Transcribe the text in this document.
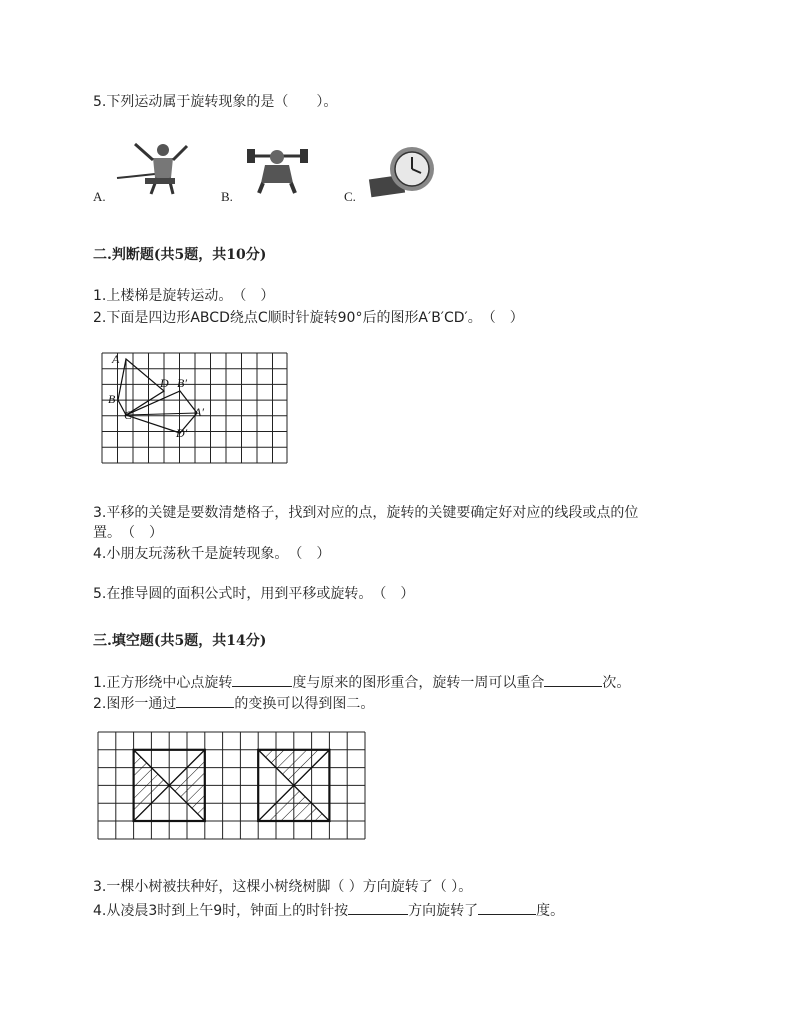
5.下列运动属于旋转现象的是（　　）。
A.	B.	C.
二.判断题(共5题，共10分)
1.上楼梯是旋转运动。　（　）
2.下面是四边形ABCD绕点C顺时针旋转90°后的图形A′B′CD′。　（　）
A
B
C
D B′
A′
D′
3.平移的关键是要数清楚格子，找到对应的点，旋转的关键要确定好对应的线段或点的位
置。　（　）
4.小朋友玩荡秋千是旋转现象。　（　）
5.在推导圆的面积公式时，用到平移或旋转。　（　）
三.填空题(共5题，共14分)
1.正方形绕中心点旋转	度与原来的图形重合，旋转一周可以重合	次。
2.图形一通过	的变换可以得到图二。
3.一棵小树被扶种好，这棵小树绕树脚（ ）方向旋转了（ ）。
4.从凌晨3时到上午9时，钟面上的时针按	方向旋转了	度。
